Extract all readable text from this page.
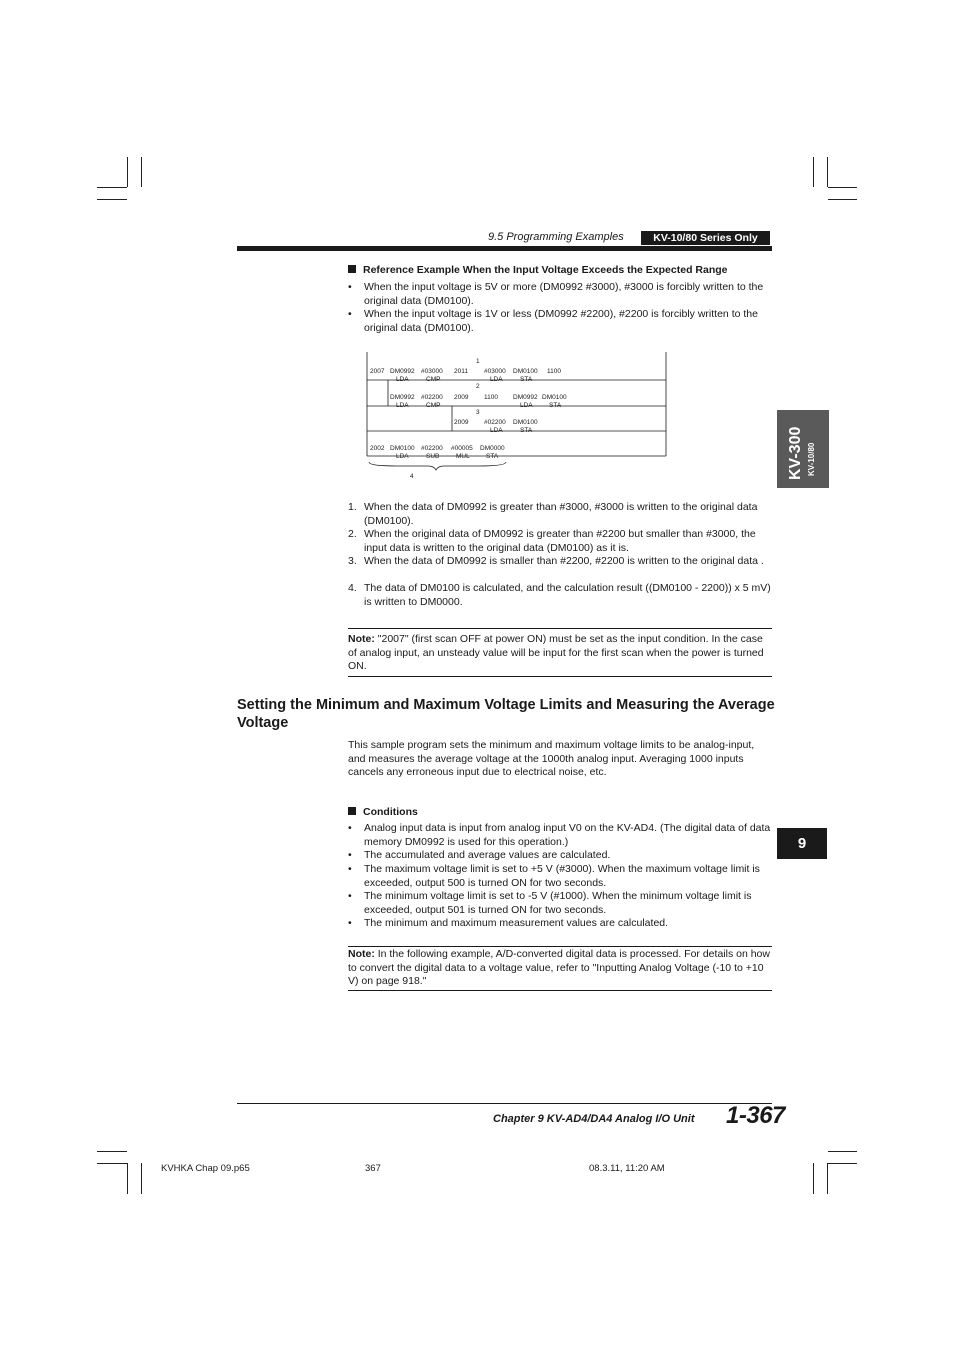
9.5 Programming Examples	KV-10/80 Series Only
Reference Example When the Input Voltage Exceeds the Expected Range
• When the input voltage is 5V or more (DM0992 #3000), #3000 is forcibly written to the original data (DM0100).
• When the input voltage is 1V or less (DM0992 #2200), #2200 is forcibly written to the original data (DM0100).
2007 DM0992 #03000 2011 #03000 DM0100 1100
LDA	CMP	LDA	STA
1
DM0992 #02200 2009 1100 DM0992 DM0100
LDA	CMP	LDA	STA
2
2009 #02200 DM0100
LDA	STA
3
2002 DM0100 #02200 #00005 DM0000
LDA	SUB	MUL	STA
4
1. When the data of DM0992 is greater than #3000, #3000 is written to the original data (DM0100).
2. When the original data of DM0992 is greater than #2200 but smaller than #3000, the input data is written to the original data (DM0100) as it is.
3. When the data of DM0992 is smaller than #2200, #2200 is written to the original data .
4. The data of DM0100 is calculated, and the calculation result ((DM0100 - 2200)) x 5 mV) is written to DM0000.
Note: "2007" (first scan OFF at power ON) must be set as the input condition. In the case of analog input, an unsteady value will be input for the first scan when the power is turned ON.
Setting the Minimum and Maximum Voltage Limits and Measuring the Average Voltage
This sample program sets the minimum and maximum voltage limits to be analog-input, and measures the average voltage at the 1000th analog input. Averaging 1000 inputs cancels any erroneous input due to electrical noise, etc.
Conditions
• Analog input data is input from analog input V0 on the KV-AD4. (The digital data of data memory DM0992 is used for this operation.)
• The accumulated and average values are calculated.
• The maximum voltage limit is set to +5 V (#3000). When the maximum voltage limit is exceeded, output 500 is turned ON for two seconds.
• The minimum voltage limit is set to -5 V (#1000). When the minimum voltage limit is exceeded, output 501 is turned ON for two seconds.
• The minimum and maximum measurement values are calculated.
Note: In the following example, A/D-converted digital data is processed. For details on how to convert the digital data to a voltage value, refer to "Inputting Analog Voltage (-10 to +10 V) on page 918."
KV-300 KV-10/80
9
Chapter 9 KV-AD4/DA4 Analog I/O Unit 1-367
KVHKA Chap 09.p65	367	08.3.11, 11:20 AM
